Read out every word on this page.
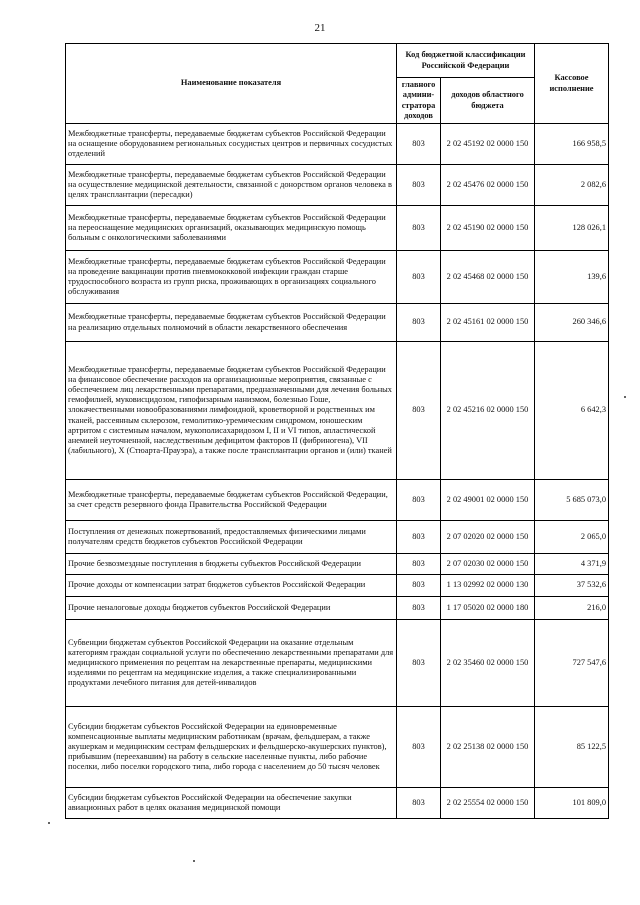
21
Наименование показателя	Код бюджетной классификации Российской Федерации		Кассовое исполнение
	главного админи-стратора доходов	доходов областного бюджета	
Межбюджетные трансферты, передаваемые бюджетам субъектов Российской Федерации на оснащение оборудованием региональных сосудистых центров и первичных сосудистых отделений	803	2 02 45192 02 0000 150	166 958,5
Межбюджетные трансферты, передаваемые бюджетам субъектов Российской Федерации на осуществление медицинской деятельности, связанной с донорством органов человека в целях трансплантации (пересадки)	803	2 02 45476 02 0000 150	2 082,6
Межбюджетные трансферты, передаваемые бюджетам субъектов Российской Федерации на переоснащение медицинских организаций, оказывающих медицинскую помощь больным с онкологическими заболеваниями	803	2 02 45190 02 0000 150	128 026,1
Межбюджетные трансферты, передаваемые бюджетам субъектов Российской Федерации на проведение вакцинации против пневмококковой инфекции граждан старше трудоспособного возраста из групп риска, проживающих в организациях социального обслуживания	803	2 02 45468 02 0000 150	139,6
Межбюджетные трансферты, передаваемые бюджетам субъектов Российской Федерации на реализацию отдельных полномочий в области лекарственного обеспечения	803	2 02 45161 02 0000 150	260 346,6
Межбюджетные трансферты, передаваемые бюджетам субъектов Российской Федерации на финансовое обеспечение расходов на организационные мероприятия, связанные с обеспечением лиц лекарственными препаратами, предназначенными для лечения больных гемофилией, муковисцидозом, гипофизарным нанизмом, болезнью Гоше, злокачественными новообразованиями лимфоидной, кроветворной и родственных им тканей, рассеянным склерозом, гемолитико-уремическим синдромом, юношеским артритом с системным началом, мукополисахаридозом I, II и VI типов, апластической анемией неуточненной, наследственным дефицитом факторов II (фибриногена), VII (лабильного), X (Стюарта-Прауэра), а также после трансплантации органов и (или) тканей	803	2 02 45216 02 0000 150	6 642,3
Межбюджетные трансферты, передаваемые бюджетам субъектов Российской Федерации, за счет средств резервного фонда Правительства Российской Федерации	803	2 02 49001 02 0000 150	5 685 073,0
Поступления от денежных пожертвований, предоставляемых физическими лицами получателям средств бюджетов субъектов Российской Федерации	803	2 07 02020 02 0000 150	2 065,0
Прочие безвозмездные поступления в бюджеты субъектов Российской Федерации	803	2 07 02030 02 0000 150	4 371,9
Прочие доходы от компенсации затрат бюджетов субъектов Российской Федерации	803	1 13 02992 02 0000 130	37 532,6
Прочие неналоговые доходы бюджетов субъектов Российской Федерации	803	1 17 05020 02 0000 180	216,0
Субвенции бюджетам субъектов Российской Федерации на оказание отдельным категориям граждан социальной услуги по обеспечению лекарственными препаратами для медицинского применения по рецептам на лекарственные препараты, медицинскими изделиями по рецептам на медицинские изделия, а также специализированными продуктами лечебного питания для детей-инвалидов	803	2 02 35460 02 0000 150	727 547,6
Субсидии бюджетам субъектов Российской Федерации на единовременные компенсационные выплаты медицинским работникам (врачам, фельдшерам, а также акушеркам и медицинским сестрам фельдшерских и фельдшерско-акушерских пунктов), прибывшим (переехавшим) на работу в сельские населенные пункты, либо рабочие поселки, либо поселки городского типа, либо города с населением до 50 тысяч человек	803	2 02 25138 02 0000 150	85 122,5
Субсидии бюджетам субъектов Российской Федерации на обеспечение закупки авиационных работ в целях оказания медицинской помощи	803	2 02 25554 02 0000 150	101 809,0
